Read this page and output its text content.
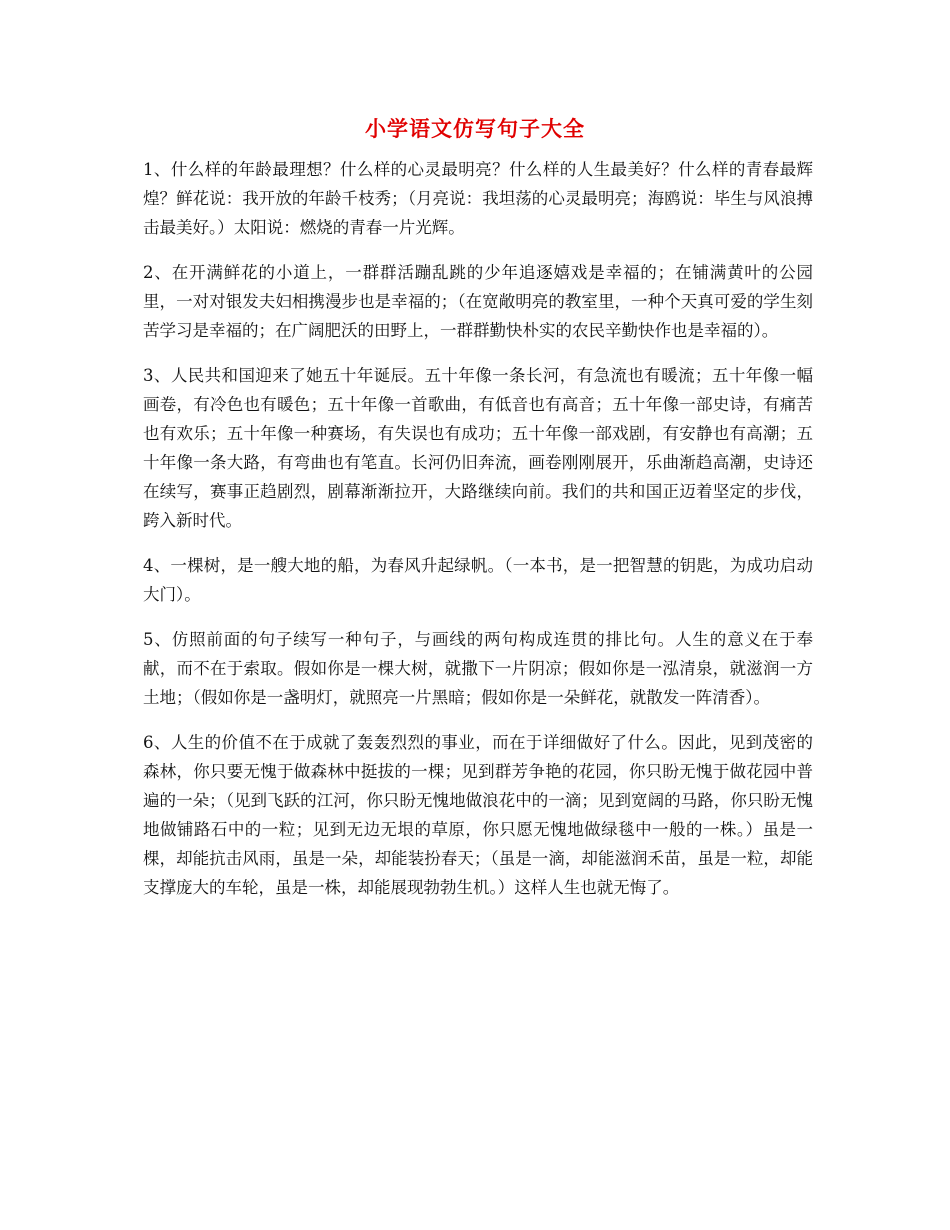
小学语文仿写句子大全

1、什么样的年龄最理想？什么样的心灵最明亮？什么样的人生最美好？什么样的青春最辉煌？鲜花说：我开放的年龄千枝秀；（月亮说：我坦荡的心灵最明亮；海鸥说：毕生与风浪搏击最美好。）太阳说：燃烧的青春一片光辉。

2、在开满鲜花的小道上，一群群活蹦乱跳的少年追逐嬉戏是幸福的；在铺满黄叶的公园里，一对对银发夫妇相携漫步也是幸福的；（在宽敞明亮的教室里，一种个天真可爱的学生刻苦学习是幸福的；在广阔肥沃的田野上，一群群勤快朴实的农民辛勤快作也是幸福的）。

3、人民共和国迎来了她五十年诞辰。五十年像一条长河，有急流也有暖流；五十年像一幅画卷，有冷色也有暖色；五十年像一首歌曲，有低音也有高音；五十年像一部史诗，有痛苦也有欢乐；五十年像一种赛场，有失误也有成功；五十年像一部戏剧，有安静也有高潮；五十年像一条大路，有弯曲也有笔直。长河仍旧奔流，画卷刚刚展开，乐曲渐趋高潮，史诗还在续写，赛事正趋剧烈，剧幕渐渐拉开，大路继续向前。我们的共和国正迈着坚定的步伐，跨入新时代。

4、一棵树，是一艘大地的船，为春风升起绿帆。（一本书，是一把智慧的钥匙，为成功启动大门）。

5、仿照前面的句子续写一种句子，与画线的两句构成连贯的排比句。人生的意义在于奉献，而不在于索取。假如你是一棵大树，就撒下一片阴凉；假如你是一泓清泉，就滋润一方土地；（假如你是一盏明灯，就照亮一片黑暗；假如你是一朵鲜花，就散发一阵清香）。

6、人生的价值不在于成就了轰轰烈烈的事业，而在于详细做好了什么。因此，见到茂密的森林，你只要无愧于做森林中挺拔的一棵；见到群芳争艳的花园，你只盼无愧于做花园中普遍的一朵；（见到飞跃的江河，你只盼无愧地做浪花中的一滴；见到宽阔的马路，你只盼无愧地做铺路石中的一粒；见到无边无垠的草原，你只愿无愧地做绿毯中一般的一株。）虽是一棵，却能抗击风雨，虽是一朵，却能装扮春天；（虽是一滴，却能滋润禾苗，虽是一粒，却能支撑庞大的车轮，虽是一株，却能展现勃勃生机。）这样人生也就无悔了。
